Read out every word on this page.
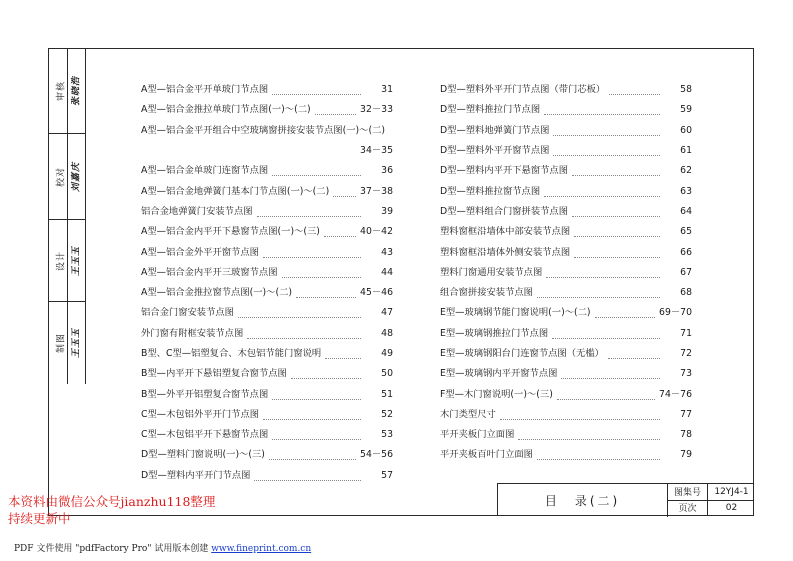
审核 张晓浩
校对 刘嘉庆
设计 王玉玉
制图 王玉玉
A型—铝合金平开单玻门节点图	31
A型—铝合金推拉单玻门节点图(一)～(二)	32－33
A型—铝合金平开组合中空玻璃窗拼接安装节点图(一)～(二)
34－35
A型—铝合金单玻门连窗节点图	36
A型—铝合金地弹簧门基本门节点图(一)～(二)	37－38
铝合金地弹簧门安装节点图	39
A型—铝合金内平开下悬窗节点图(一)～(三)	40－42
A型—铝合金外平开窗节点图	43
A型—铝合金内平开三玻窗节点图	44
A型—铝合金推拉窗节点图(一)～(二)	45－46
铝合金门窗安装节点图	47
外门窗有附框安装节点图	48
B型、C型—铝塑复合、木包铝节能门窗说明	49
B型—内平开下悬铝塑复合窗节点图	50
B型—外平开铝塑复合窗节点图	51
C型—木包铝外平开门节点图	52
C型—木包铝平开下悬窗节点图	53
D型—塑料门窗说明(一)～(三)	54－56
D型—塑料内平开门节点图	57
D型—塑料外平开门节点图（带门芯板）	58
D型—塑料推拉门节点图	59
D型—塑料地弹簧门节点图	60
D型—塑料外平开窗节点图	61
D型—塑料内平开下悬窗节点图	62
D型—塑料推拉窗节点图	63
D型—塑料组合门窗拼装节点图	64
塑料窗框沿墙体中部安装节点图	65
塑料窗框沿墙体外侧安装节点图	66
塑料门窗通用安装节点图	67
组合窗拼接安装节点图	68
E型—玻璃钢节能门窗说明(一)～(二)	69－70
E型—玻璃钢推拉门节点图	71
E型—玻璃钢阳台门连窗节点图（无槛）	72
E型—玻璃钢内平开窗节点图	73
F型—木门窗说明(一)～(三)	74－76
木门类型尺寸	77
平开夹板门立面图	78
平开夹板百叶门立面图	79
目　录(二)
图集号	12YJ4-1
页次	02
本资料由微信公众号jianzhu118整理
持续更新中
PDF 文件使用 "pdfFactory Pro" 试用版本创建 www.fineprint.com.cn
